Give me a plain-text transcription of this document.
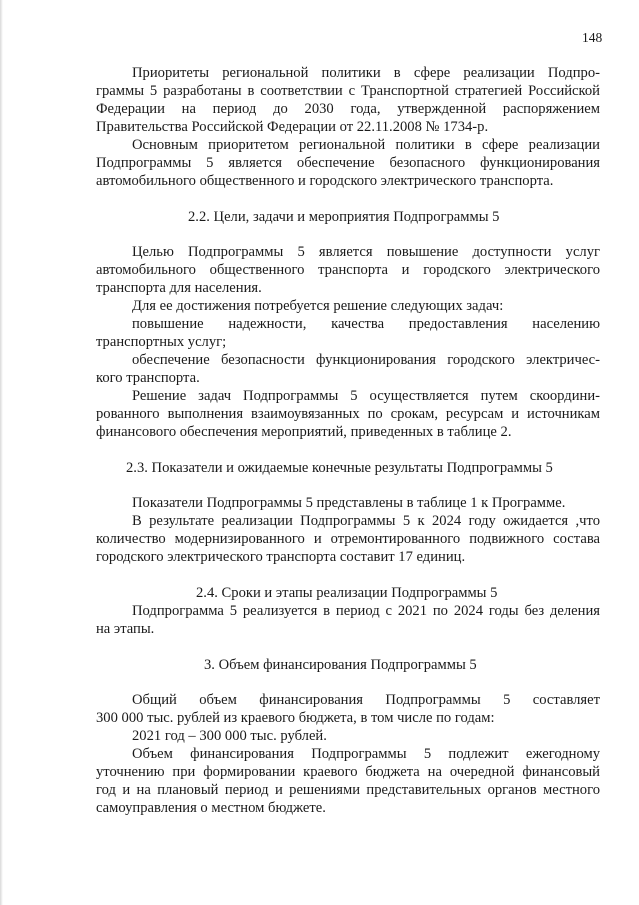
148
Приоритеты региональной политики в сфере реализации Подпро-
граммы 5 разработаны в соответствии с Транспортной стратегией Российской
Федерации на период до 2030 года, утвержденной распоряжением
Правительства Российской Федерации от 22.11.2008 № 1734-р.
Основным приоритетом региональной политики в сфере реализации
Подпрограммы 5 является обеспечение безопасного функционирования
автомобильного общественного и городского электрического транспорта.
2.2. Цели, задачи и мероприятия Подпрограммы 5
Целью Подпрограммы 5 является повышение доступности услуг
автомобильного общественного транспорта и городского электрического
транспорта для населения.
Для ее достижения потребуется решение следующих задач:
повышение надежности, качества предоставления населению
транспортных услуг;
обеспечение безопасности функционирования городского электричес-
кого транспорта.
Решение задач Подпрограммы 5 осуществляется путем скоордини-
рованного выполнения взаимоувязанных по срокам, ресурсам и источникам
финансового обеспечения мероприятий, приведенных в таблице 2.
2.3. Показатели и ожидаемые конечные результаты Подпрограммы 5
Показатели Подпрограммы 5 представлены в таблице 1 к Программе.
В результате реализации Подпрограммы 5 к 2024 году ожидается ,что
количество модернизированного и отремонтированного подвижного состава
городского электрического транспорта составит 17 единиц.
2.4. Сроки и этапы реализации Подпрограммы 5
Подпрограмма 5 реализуется в период с 2021 по 2024 годы без деления
на этапы.
3. Объем финансирования Подпрограммы 5
Общий объем финансирования Подпрограммы 5 составляет
300 000 тыс. рублей из краевого бюджета, в том числе по годам:
2021 год – 300 000 тыс. рублей.
Объем финансирования Подпрограммы 5 подлежит ежегодному
уточнению при формировании краевого бюджета на очередной финансовый
год и на плановый период и решениями представительных органов местного
самоуправления о местном бюджете.
